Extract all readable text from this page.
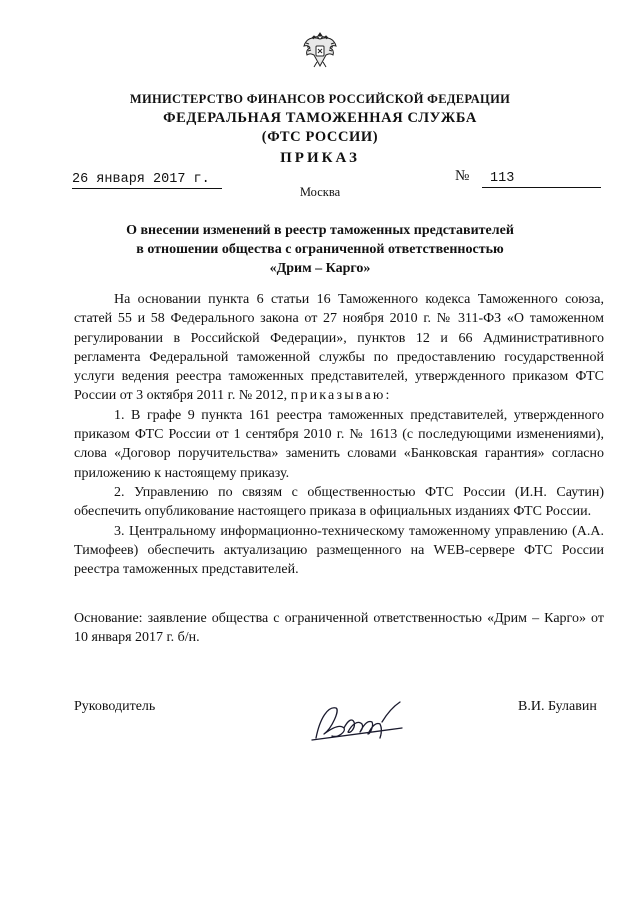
МИНИСТЕРСТВО ФИНАНСОВ РОССИЙСКОЙ ФЕДЕРАЦИИ
ФЕДЕРАЛЬНАЯ ТАМОЖЕННАЯ СЛУЖБА
(ФТС РОССИИ)
ПРИКАЗ
26 января 2017 г.	№	113
Москва
О внесении изменений в реестр таможенных представителей
в отношении общества с ограниченной ответственностью
«Дрим – Карго»

На основании пункта 6 статьи 16 Таможенного кодекса Таможенного союза, статей 55 и 58 Федерального закона от 27 ноября 2010 г. № 311-ФЗ «О таможенном регулировании в Российской Федерации», пунктов 12 и 66 Административного регламента Федеральной таможенной службы по предоставлению государственной услуги ведения реестра таможенных представителей, утвержденного приказом ФТС России от 3 октября 2011 г. № 2012, приказываю:

1. В графе 9 пункта 161 реестра таможенных представителей, утвержденного приказом ФТС России от 1 сентября 2010 г. № 1613 (с последующими изменениями), слова «Договор поручительства» заменить словами «Банковская гарантия» согласно приложению к настоящему приказу.

2. Управлению по связям с общественностью ФТС России (И.Н. Саутин) обеспечить опубликование настоящего приказа в официальных изданиях ФТС России.

3. Центральному информационно-техническому таможенному управлению (А.А. Тимофеев) обеспечить актуализацию размещенного на WEB-сервере ФТС России реестра таможенных представителей.

Основание: заявление общества с ограниченной ответственностью «Дрим – Карго» от 10 января 2017 г. б/н.

Руководитель	В.И. Булавин
